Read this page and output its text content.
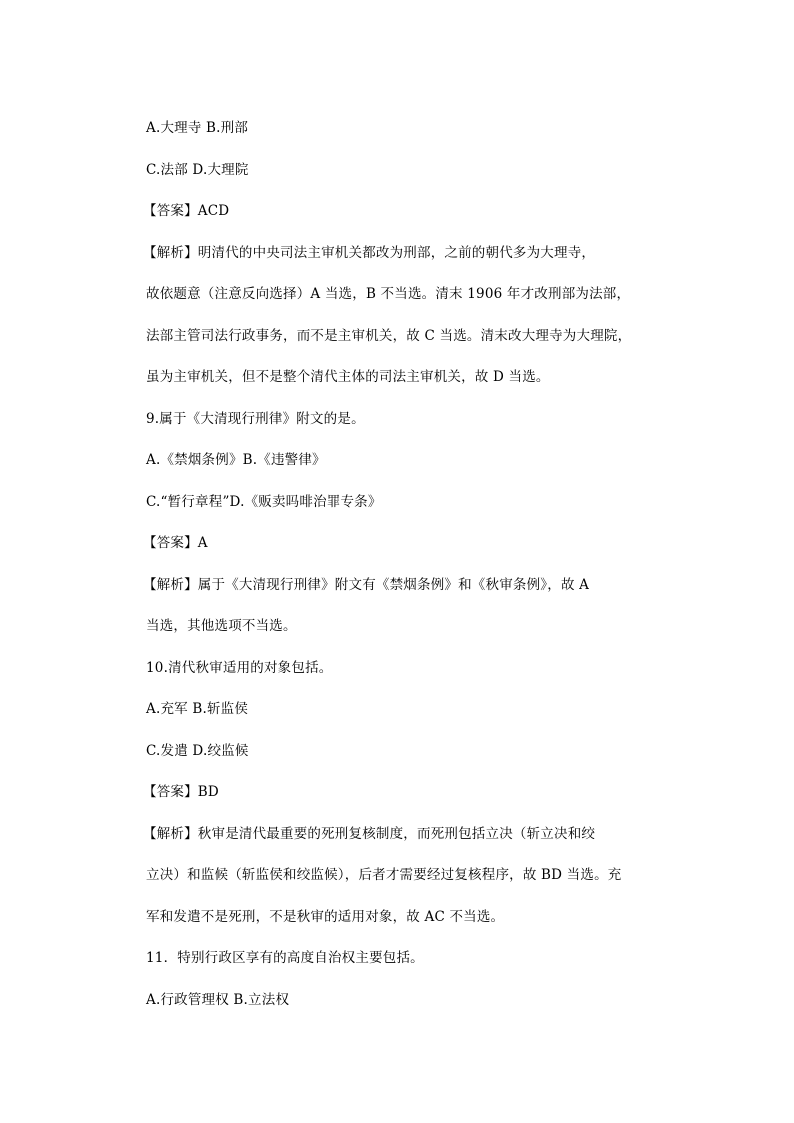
A.大理寺 B.刑部
C.法部 D.大理院
【答案】ACD
【解析】明清代的中央司法主审机关都改为刑部，之前的朝代多为大理寺，
故依题意（注意反向选择）A 当选，B 不当选。清末 1906 年才改刑部为法部，
法部主管司法行政事务，而不是主审机关，故 C 当选。清末改大理寺为大理院，
虽为主审机关，但不是整个清代主体的司法主审机关，故 D 当选。
9.属于《大清现行刑律》附文的是。
A.《禁烟条例》B.《违警律》
C.“暂行章程”D.《贩卖吗啡治罪专条》
【答案】A
【解析】属于《大清现行刑律》附文有《禁烟条例》和《秋审条例》，故 A
当选，其他选项不当选。
10.清代秋审适用的对象包括。
A.充军 B.斩监侯
C.发遣 D.绞监候
【答案】BD
【解析】秋审是清代最重要的死刑复核制度，而死刑包括立决（斩立决和绞
立决）和监候（斩监侯和绞监候），后者才需要经过复核程序，故 BD 当选。充
军和发遣不是死刑，不是秋审的适用对象，故 AC 不当选。
11．特别行政区享有的高度自治权主要包括。
A.行政管理权 B.立法权
